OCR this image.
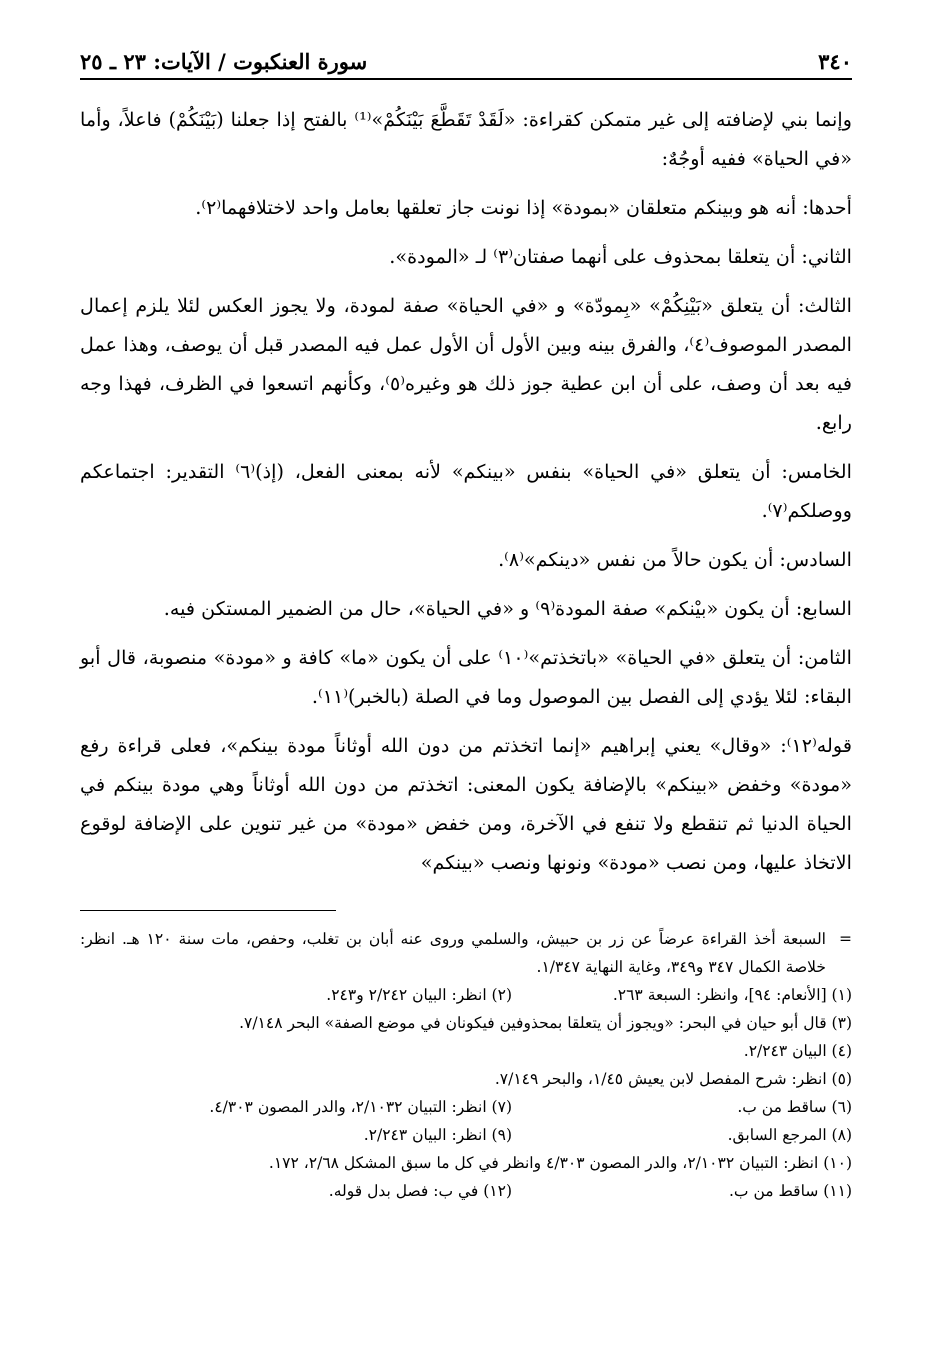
٣٤٠
سورة العنكبوت / الآيات: ٢٣ ـ ٢٥

وإنما بني لإضافته إلى غير متمكن كقراءة: «لَقَدْ تَقَطَّعَ بَيْنَكُمْ»⁽¹⁾ بالفتح إذا جعلنا (بَيْنَكُمْ) فاعلاً، وأما «في الحياة» ففيه أوجُهٌ:

أحدها: أنه هو وبينكم متعلقان «بمودة» إذا نونت جاز تعلقها بعامل واحد لاختلافهما⁽٢⁾.

الثاني: أن يتعلقا بمحذوف على أنهما صفتان⁽٣⁾ لـ «المودة».

الثالث: أن يتعلق «بَيْنِكُمْ» «بِمودّة» و «في الحياة» صفة لمودة، ولا يجوز العكس لئلا يلزم إعمال المصدر الموصوف⁽٤⁾، والفرق بينه وبين الأول أن الأول عمل فيه المصدر قبل أن يوصف، وهذا عمل فيه بعد أن وصف، على أن ابن عطية جوز ذلك هو وغيره⁽٥⁾، وكأنهم اتسعوا في الظرف، فهذا وجه رابع.

الخامس: أن يتعلق «في الحياة» بنفس «بينكم» لأنه بمعنى الفعل، (إذ)⁽٦⁾ التقدير: اجتماعكم ووصلكم⁽٧⁾.

السادس: أن يكون حالاً من نفس «دينكم»⁽٨⁾.

السابع: أن يكون «بيْنكم» صفة المودة⁽٩⁾ و «في الحياة»، حال من الضمير المستكن فيه.

الثامن: أن يتعلق «في الحياة» «باتخذتم»⁽١٠⁾ على أن يكون «ما» كافة و «مودة» منصوبة، قال أبو البقاء: لئلا يؤدي إلى الفصل بين الموصول وما في الصلة (بالخبر)⁽١١⁾.

قوله⁽١٢⁾: «وقال» يعني إبراهيم «إنما اتخذتم من دون الله أوثاناً مودة بينكم»، فعلى قراءة رفع «مودة» وخفض «بينكم» بالإضافة يكون المعنى: اتخذتم من دون الله أوثاناً وهي مودة بينكم في الحياة الدنيا ثم تنقطع ولا تنفع في الآخرة، ومن خفض «مودة» من غير تنوين على الإضافة لوقوع الاتخاذ عليها، ومن نصب «مودة» ونونها ونصب «بينكم»

=
السبعة أخذ القراءة عرضاً عن زر بن حبيش، والسلمي وروى عنه أبان بن تغلب، وحفص، مات سنة ١٢٠ هـ. انظر: خلاصة الكمال ٣٤٧ و٣٤٩، وغاية النهاية ١/٣٤٧.
(١) [الأنعام: ٩٤]، وانظر: السبعة ٢٦٣.
(٢) انظر: البيان ٢/٢٤٢ و٢٤٣.
(٣) قال أبو حيان في البحر: «ويجوز أن يتعلقا بمحذوفين فيكونان في موضع الصفة» البحر ٧/١٤٨.
(٤) البيان ٢/٢٤٣.
(٥) انظر: شرح المفصل لابن يعيش ١/٤٥، والبحر ٧/١٤٩.
(٦) ساقط من ب.
(٧) انظر: التبيان ٢/١٠٣٢، والدر المصون ٤/٣٠٣.
(٨) المرجع السابق.
(٩) انظر: البيان ٢/٢٤٣.
(١٠) انظر: التبيان ٢/١٠٣٢، والدر المصون ٤/٣٠٣ وانظر في كل ما سبق المشكل ٢/٦٨، ١٧٢.
(١١) ساقط من ب.
(١٢) في ب: فصل بدل قوله.
